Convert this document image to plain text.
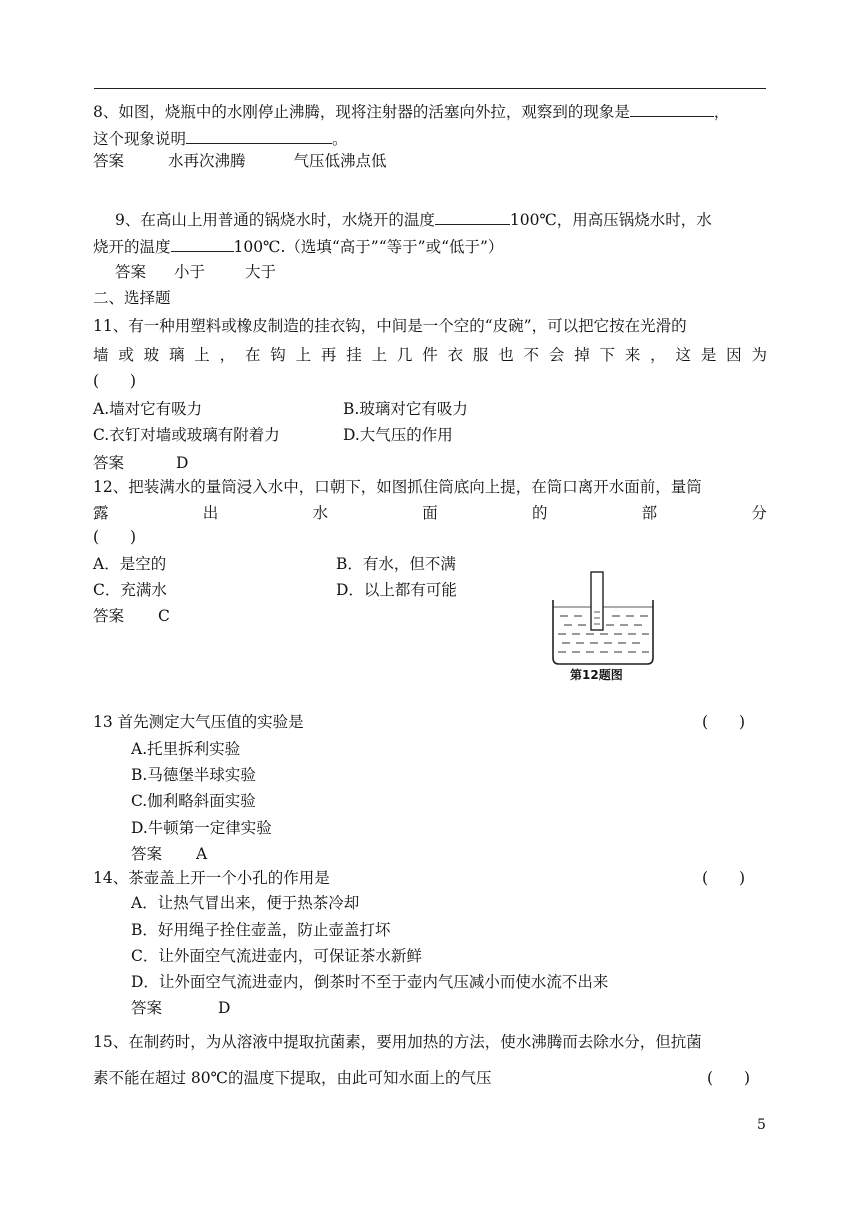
8、如图，烧瓶中的水刚停止沸腾，现将注射器的活塞向外拉，观察到的现象是	，
这个现象说明	。
答案	水再次沸腾	气压低沸点低
9、在高山上用普通的锅烧水时，水烧开的温度	100℃，用高压锅烧水时，水
烧开的温度	100℃.（选填“高于”“等于”或“低于”）
答案 小于	大于
二、选择题
11、有一种用塑料或橡皮制造的挂衣钩，中间是一个空的“皮碗”，可以把它按在光滑的
墙或玻璃上，在钩上再挂上几件衣服也不会掉下来，这是因为
(　　)
A.墙对它有吸力	B.玻璃对它有吸力
C.衣钉对墙或玻璃有附着力	D.大气压的作用
答案	D
12、把装满水的量筒浸入水中，口朝下，如图抓住筒底向上提，在筒口离开水面前，量筒
露	出	水	面	的	部	分
(　　)
A．是空的	B．有水，但不满
C．充满水	D．以上都有可能
答案 C
第12题图
13 首先测定大气压值的实验是	(　　)
A.托里拆利实验
B.马德堡半球实验
C.伽利略斜面实验
D.牛顿第一定律实验
答案 A
14、茶壶盖上开一个小孔的作用是	(　　)
A．让热气冒出来，便于热茶冷却
B．好用绳子拴住壶盖，防止壶盖打坏
C．让外面空气流进壶内，可保证茶水新鲜
D．让外面空气流进壶内，倒茶时不至于壶内气压减小而使水流不出来
答案	D
15、在制药时，为从溶液中提取抗菌素，要用加热的方法，使水沸腾而去除水分，但抗菌
素不能在超过 80℃的温度下提取，由此可知水面上的气压	(　　)
5
